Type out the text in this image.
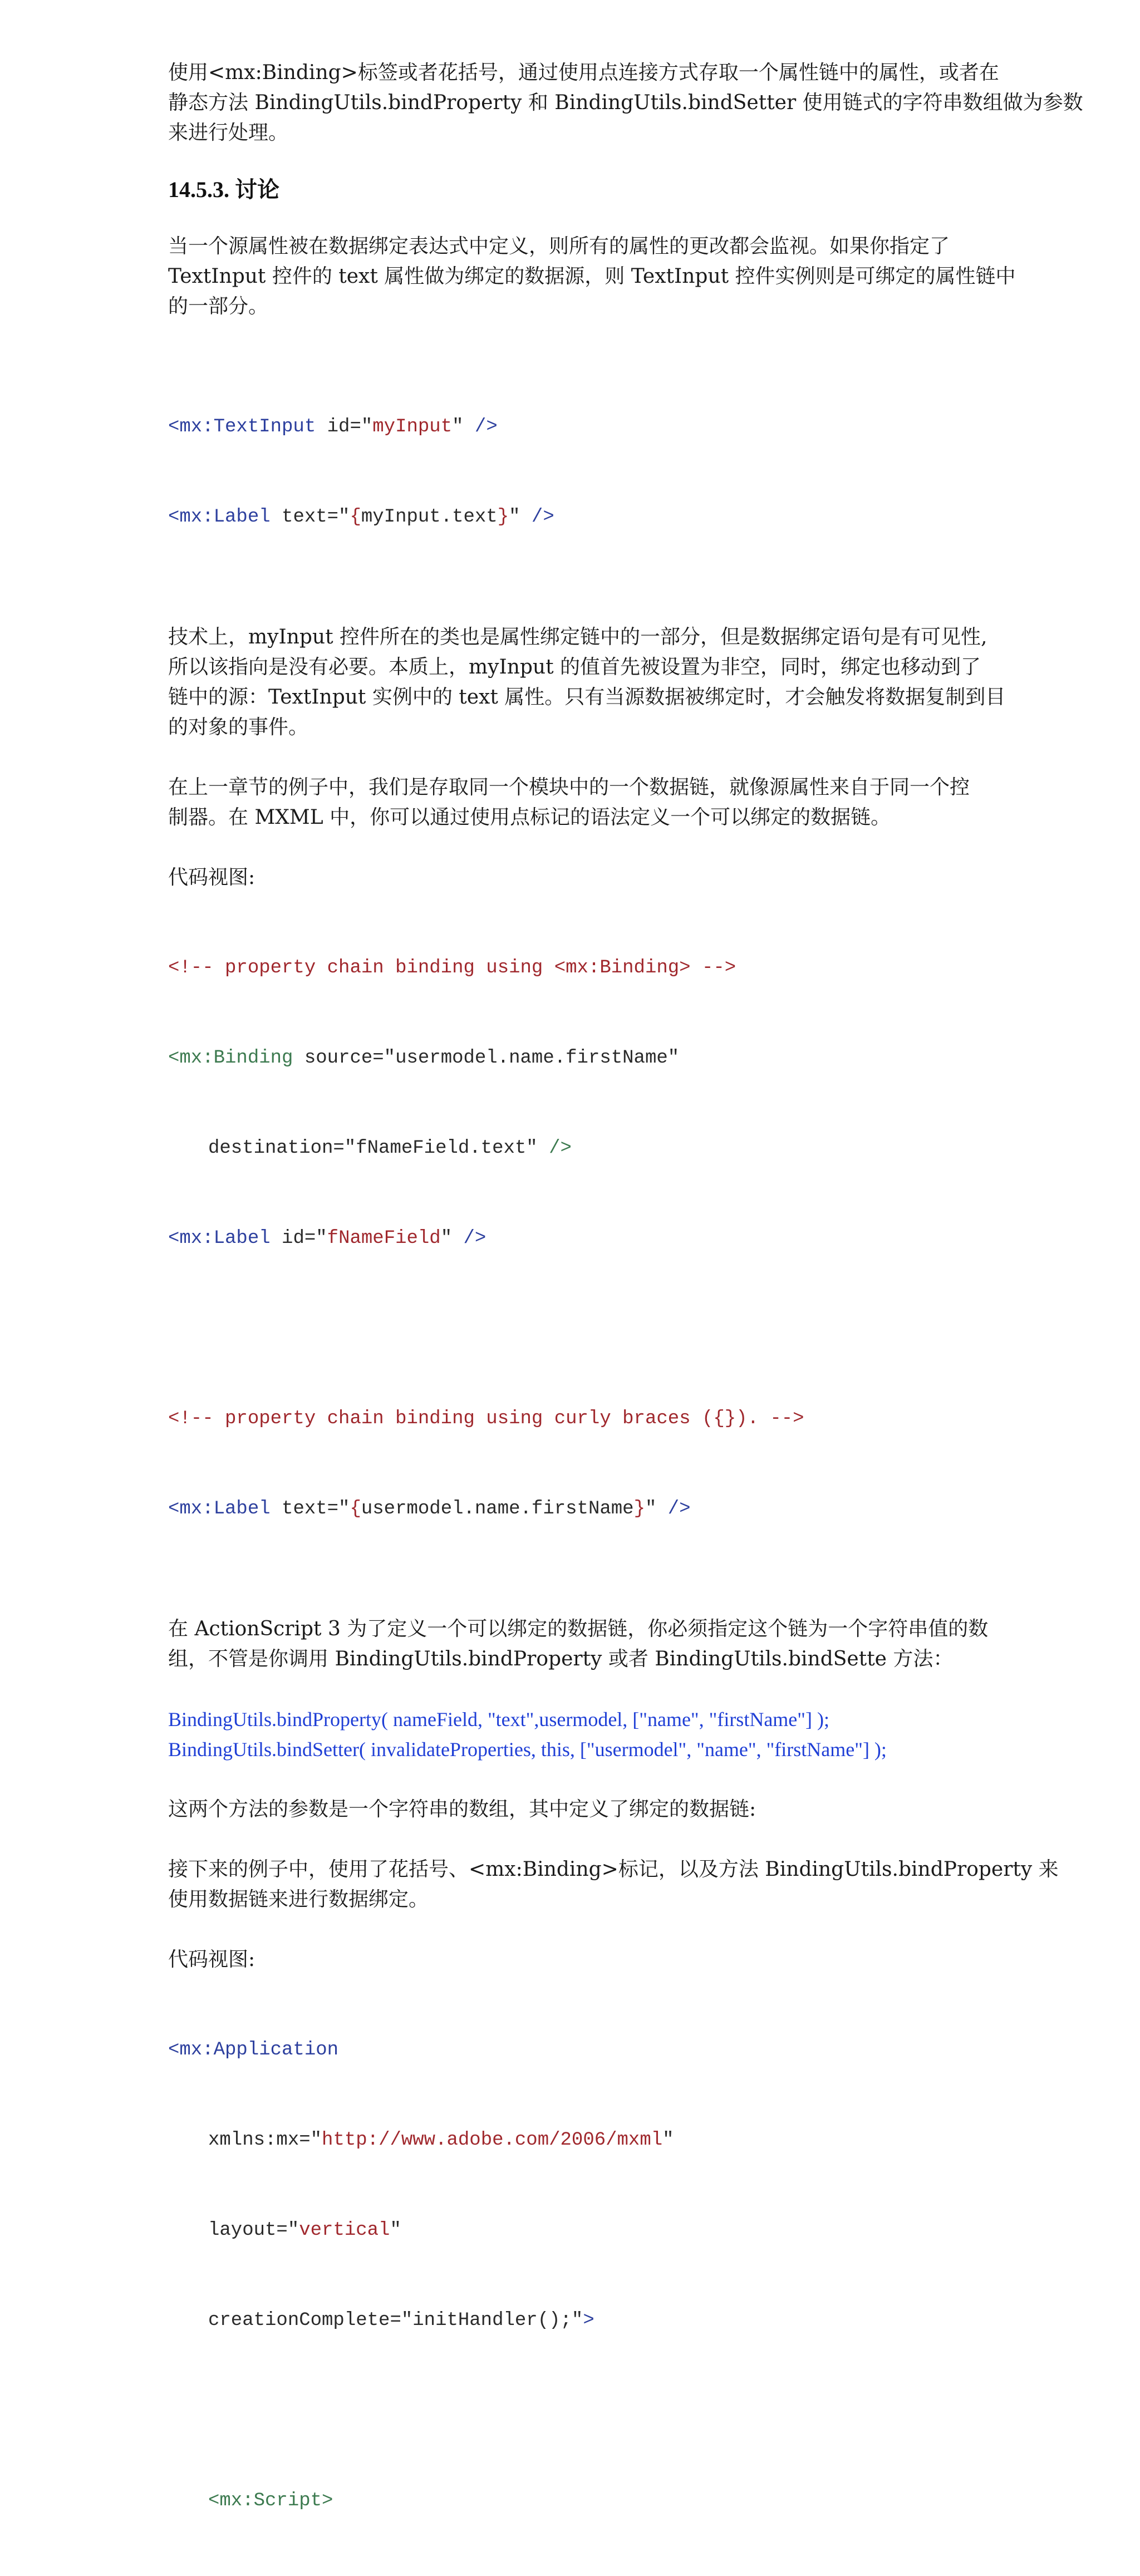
使用<mx:Binding>标签或者花括号，通过使用点连接方式存取一个属性链中的属性，或者在
静态方法 BindingUtils.bindProperty 和 BindingUtils.bindSetter 使用链式的字符串数组做为参数
来进行处理。

14.5.3. 讨论

当一个源属性被在数据绑定表达式中定义，则所有的属性的更改都会监视。如果你指定了
TextInput 控件的 text 属性做为绑定的数据源，则 TextInput 控件实例则是可绑定的属性链中
的一部分。

<mx:TextInput id="myInput" />

<mx:Label text="{myInput.text}" />

技术上，myInput 控件所在的类也是属性绑定链中的一部分，但是数据绑定语句是有可见性,
所以该指向是没有必要。本质上，myInput 的值首先被设置为非空，同时，绑定也移动到了
链中的源：TextInput 实例中的 text 属性。只有当源数据被绑定时，才会触发将数据复制到目
的对象的事件。

在上一章节的例子中，我们是存取同一个模块中的一个数据链，就像源属性来自于同一个控
制器。在 MXML 中，你可以通过使用点标记的语法定义一个可以绑定的数据链。

代码视图:

<!-- property chain binding using <mx:Binding> -->

<mx:Binding source="usermodel.name.firstName"

destination="fNameField.text" />

<mx:Label id="fNameField" />

<!-- property chain binding using curly braces ({}). -->

<mx:Label text="{usermodel.name.firstName}" />

在 ActionScript 3 为了定义一个可以绑定的数据链，你必须指定这个链为一个字符串值的数
组，不管是你调用 BindingUtils.bindProperty 或者 BindingUtils.bindSette 方法：

BindingUtils.bindProperty( nameField, "text",usermodel, ["name", "firstName"] );
BindingUtils.bindSetter( invalidateProperties, this, ["usermodel", "name", "firstName"] );

这两个方法的参数是一个字符串的数组，其中定义了绑定的数据链:

接下来的例子中，使用了花括号、<mx:Binding>标记，以及方法 BindingUtils.bindProperty 来
使用数据链来进行数据绑定。

代码视图:

<mx:Application

xmlns:mx="http://www.adobe.com/2006/mxml"

layout="vertical"

creationComplete="initHandler();">

<mx:Script>
